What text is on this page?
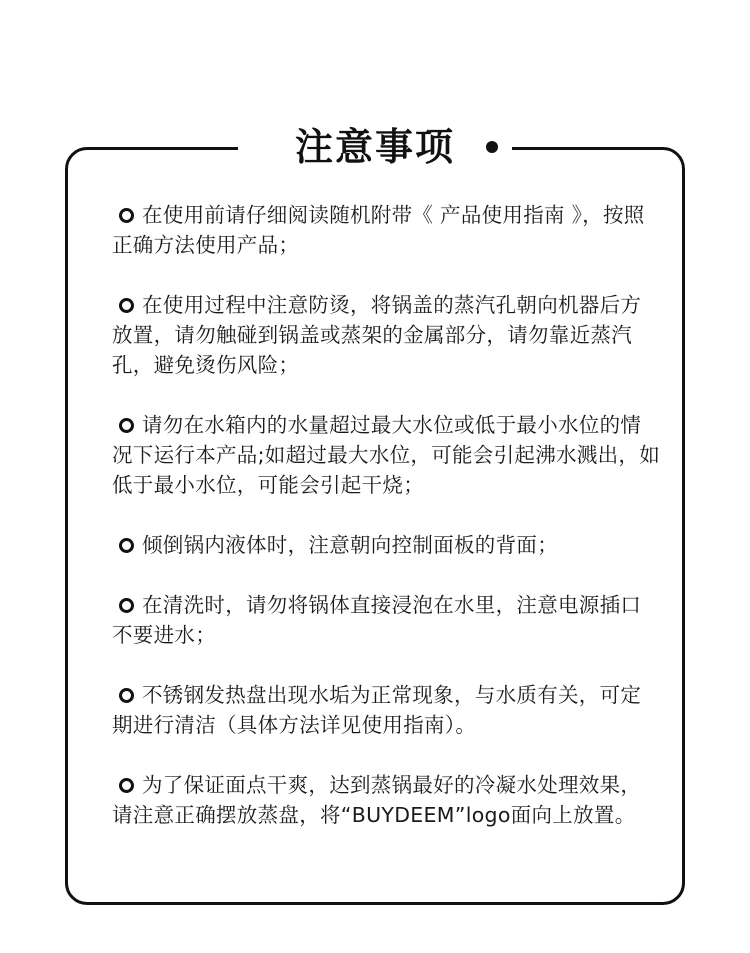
注意事项
在使用前请仔细阅读随机附带《 产品使用指南 》，按照正确方法使用产品；
在使用过程中注意防烫，将锅盖的蒸汽孔朝向机器后方放置，请勿触碰到锅盖或蒸架的金属部分，请勿靠近蒸汽孔，避免烫伤风险；
请勿在水箱内的水量超过最大水位或低于最小水位的情况下运行本产品;如超过最大水位，可能会引起沸水溅出，如低于最小水位，可能会引起干烧；
倾倒锅内液体时，注意朝向控制面板的背面；
在清洗时，请勿将锅体直接浸泡在水里，注意电源插口不要进水；
不锈钢发热盘出现水垢为正常现象，与水质有关，可定期进行清洁（具体方法详见使用指南）。
为了保证面点干爽，达到蒸锅最好的冷凝水处理效果，请注意正确摆放蒸盘，将“BUYDEEM”logo面向上放置。
